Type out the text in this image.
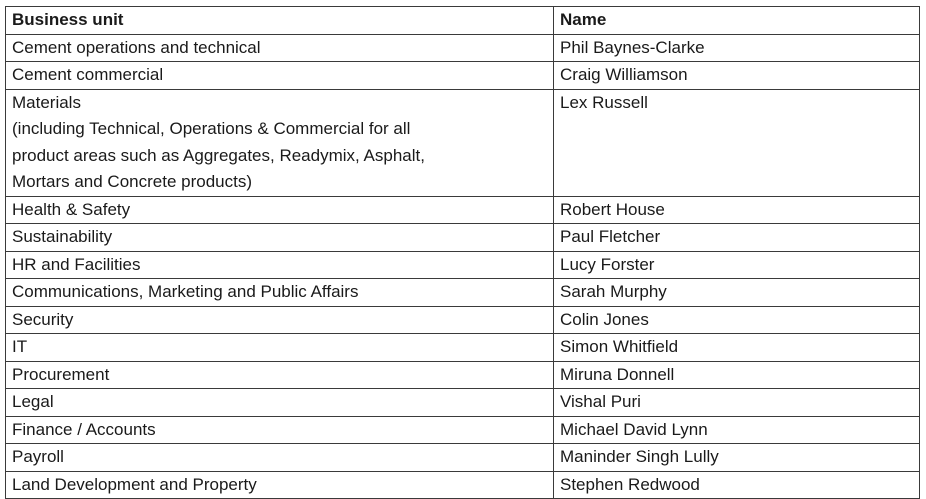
Business unit	Name

Cement operations and technical	Phil Baynes-Clarke

Cement commercial	Craig Williamson

Materials
(including Technical, Operations & Commercial for all
product areas such as Aggregates, Readymix, Asphalt,
Mortars and Concrete products)	Lex Russell

Health & Safety	Robert House

Sustainability	Paul Fletcher

HR and Facilities	Lucy Forster

Communications, Marketing and Public Affairs	Sarah Murphy

Security	Colin Jones

IT	Simon Whitfield

Procurement	Miruna Donnell

Legal	Vishal Puri

Finance / Accounts	Michael David Lynn

Payroll	Maninder Singh Lully

Land Development and Property	Stephen Redwood
